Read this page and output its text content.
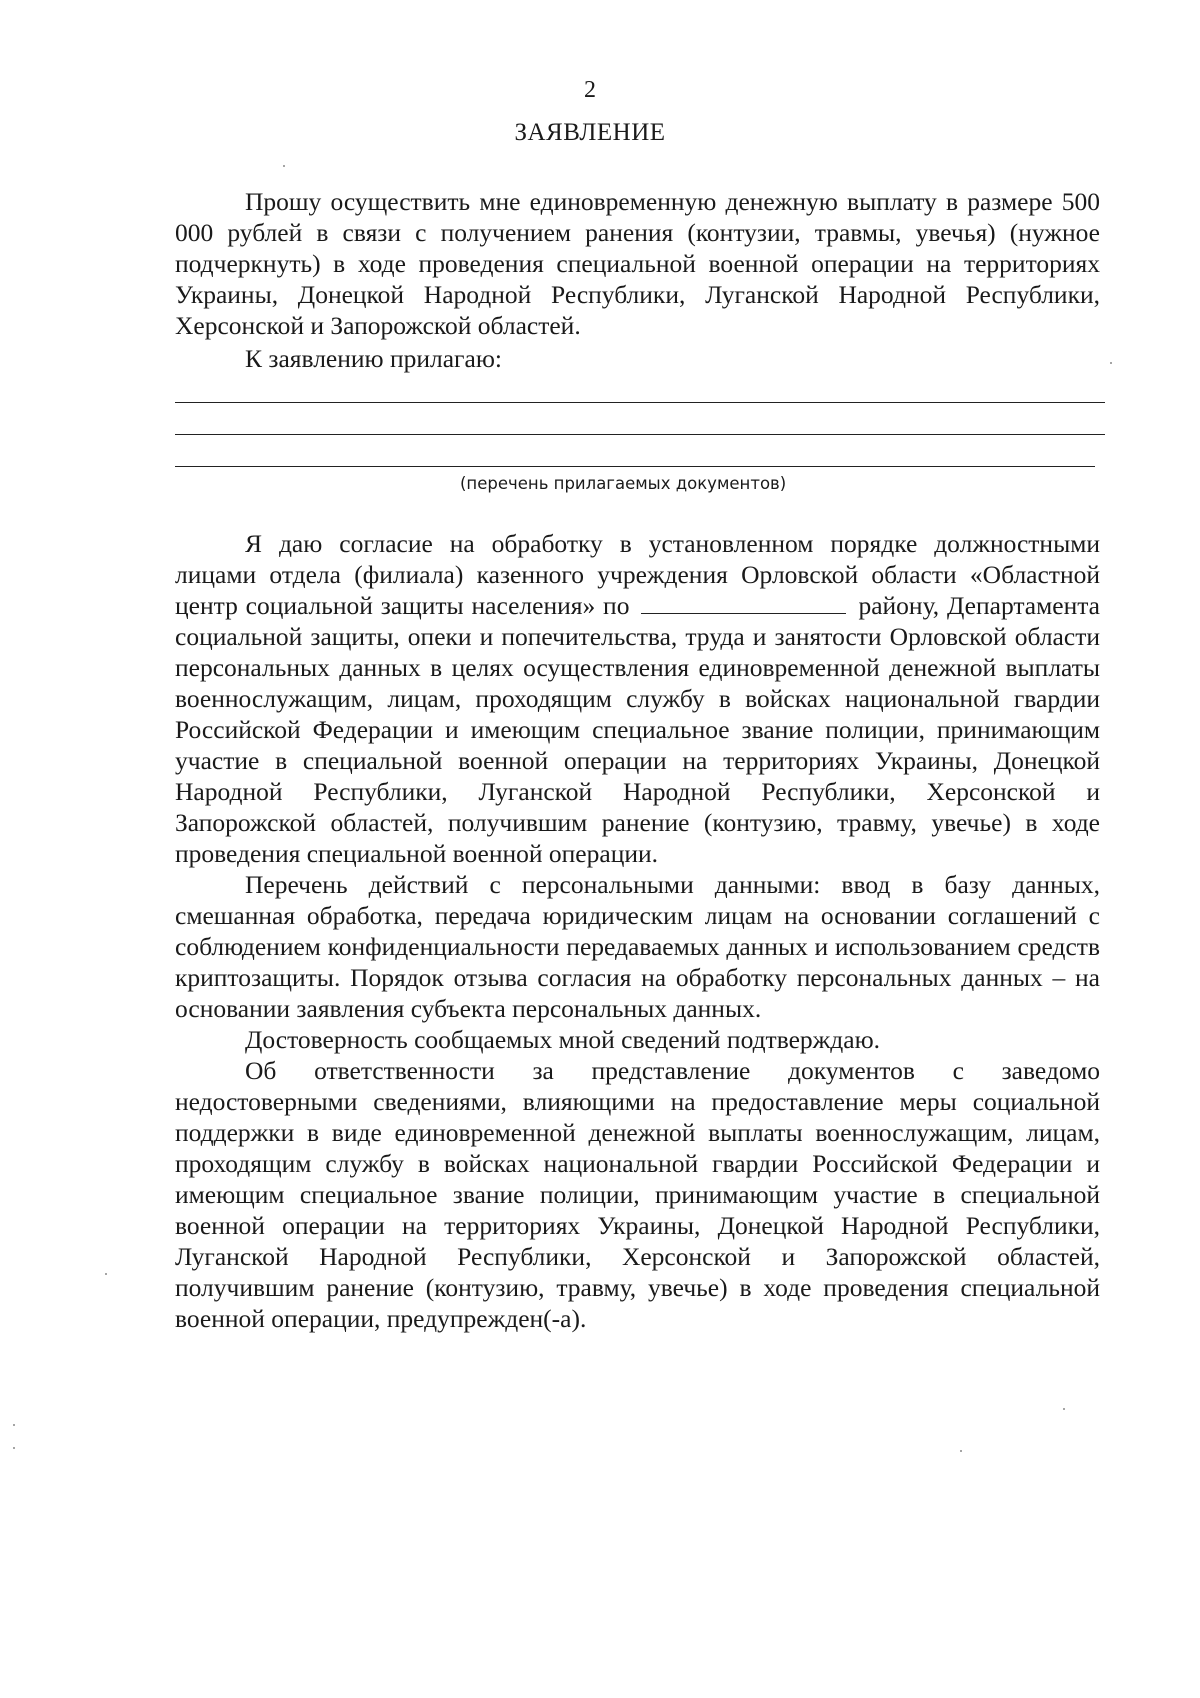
2
ЗАЯВЛЕНИЕ

Прошу осуществить мне единовременную денежную выплату в размере 500 000 рублей в связи с получением ранения (контузии, травмы, увечья) (нужное подчеркнуть) в ходе проведения специальной военной операции на территориях Украины, Донецкой Народной Республики, Луганской Народной Республики, Херсонской и Запорожской областей.

К заявлению прилагаю:

(перечень прилагаемых документов)

Я даю согласие на обработку в установленном порядке должностными лицами отдела (филиала) казенного учреждения Орловской области «Областной центр социальной защиты населения» по	району, Департамента социальной защиты, опеки и попечительства, труда и занятости Орловской области персональных данных в целях осуществления единовременной денежной выплаты военнослужащим, лицам, проходящим службу в войсках национальной гвардии Российской Федерации и имеющим специальное звание полиции, принимающим участие в специальной военной операции на территориях Украины, Донецкой Народной Республики, Луганской Народной Республики, Херсонской и Запорожской областей, получившим ранение (контузию, травму, увечье) в ходе проведения специальной военной операции.

Перечень действий с персональными данными: ввод в базу данных, смешанная обработка, передача юридическим лицам на основании соглашений с соблюдением конфиденциальности передаваемых данных и использованием средств криптозащиты. Порядок отзыва согласия на обработку персональных данных – на основании заявления субъекта персональных данных.

Достоверность сообщаемых мной сведений подтверждаю.

Об ответственности за представление документов с заведомо недостоверными сведениями, влияющими на предоставление меры социальной поддержки в виде единовременной денежной выплаты военнослужащим, лицам, проходящим службу в войсках национальной гвардии Российской Федерации и имеющим специальное звание полиции, принимающим участие в специальной военной операции на территориях Украины, Донецкой Народной Республики, Луганской Народной Республики, Херсонской и Запорожской областей, получившим ранение (контузию, травму, увечье) в ходе проведения специальной военной операции, предупрежден(-а).
